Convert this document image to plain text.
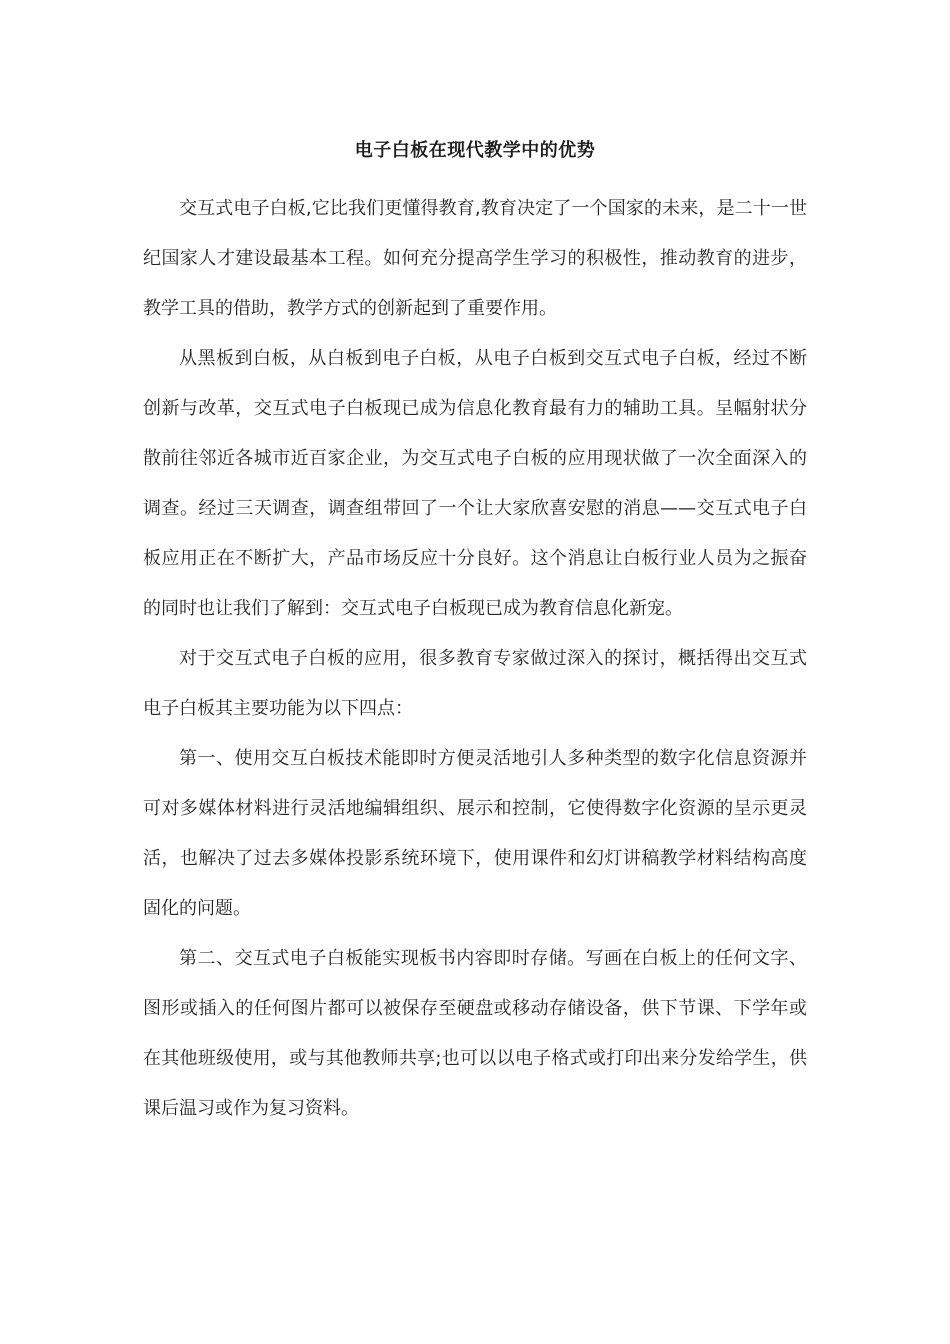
电子白板在现代教学中的优势

交互式电子白板,它比我们更懂得教育,教育决定了一个国家的未来，是二十一世纪国家人才建设最基本工程。如何充分提高学生学习的积极性，推动教育的进步，教学工具的借助，教学方式的创新起到了重要作用。

从黑板到白板，从白板到电子白板，从电子白板到交互式电子白板，经过不断创新与改革，交互式电子白板现已成为信息化教育最有力的辅助工具。呈幅射状分散前往邻近各城市近百家企业，为交互式电子白板的应用现状做了一次全面深入的调查。经过三天调查，调查组带回了一个让大家欣喜安慰的消息——交互式电子白板应用正在不断扩大，产品市场反应十分良好。这个消息让白板行业人员为之振奋的同时也让我们了解到：交互式电子白板现已成为教育信息化新宠。

对于交互式电子白板的应用，很多教育专家做过深入的探讨，概括得出交互式电子白板其主要功能为以下四点：

第一、使用交互白板技术能即时方便灵活地引人多种类型的数字化信息资源并可对多媒体材料进行灵活地编辑组织、展示和控制，它使得数字化资源的呈示更灵活，也解决了过去多媒体投影系统环境下，使用课件和幻灯讲稿教学材料结构高度固化的问题。

第二、交互式电子白板能实现板书内容即时存储。写画在白板上的任何文字、图形或插入的任何图片都可以被保存至硬盘或移动存储设备，供下节课、下学年或在其他班级使用，或与其他教师共享;也可以以电子格式或打印出来分发给学生，供课后温习或作为复习资料。
